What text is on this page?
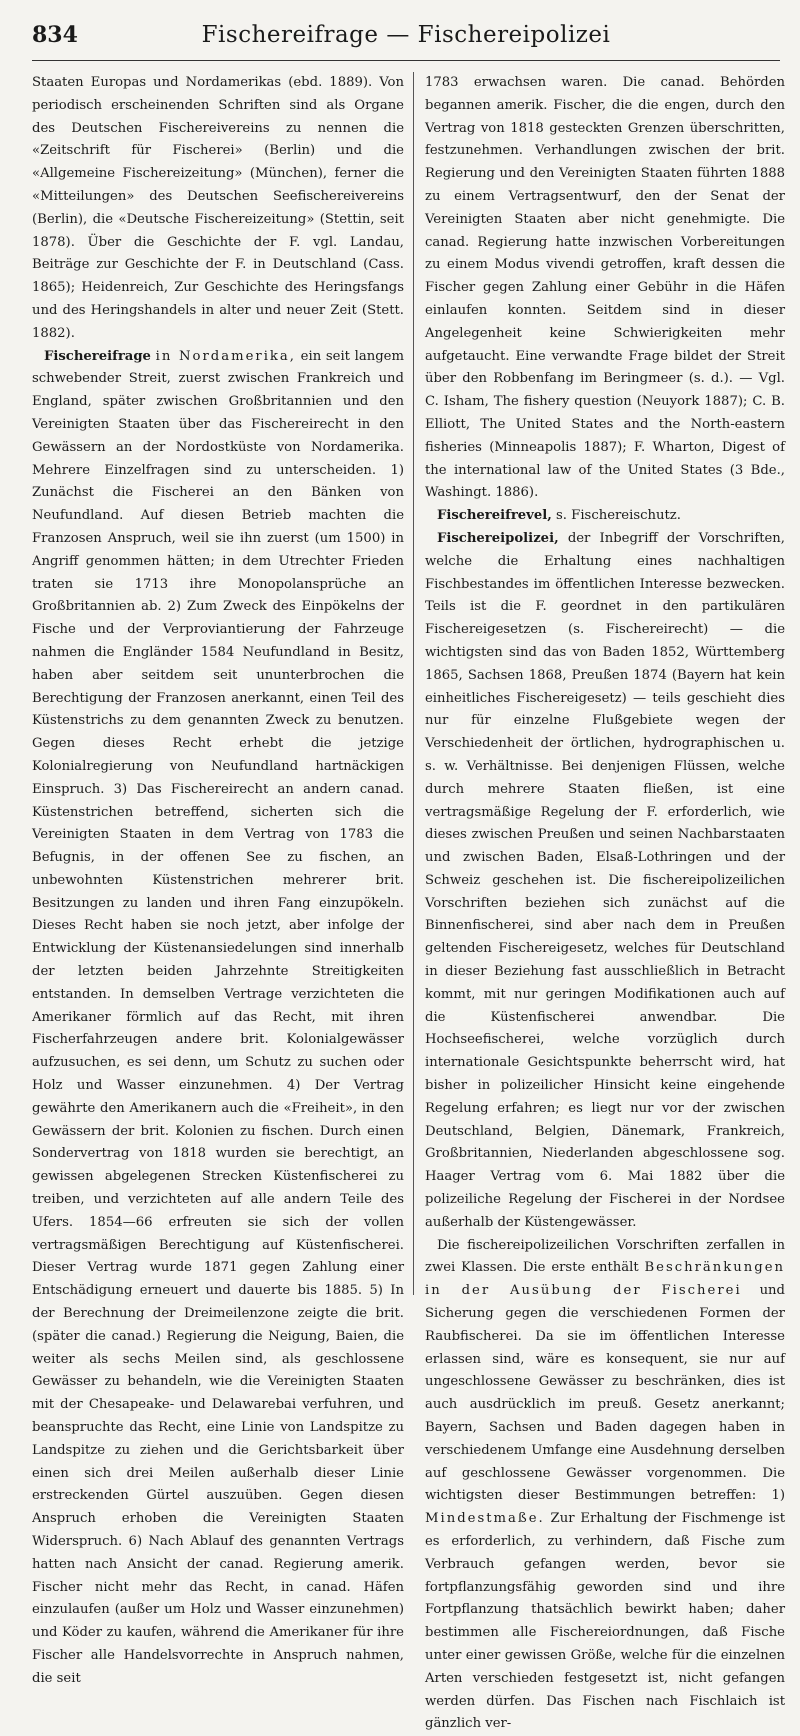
834	Fischereifrage — Fischereipolizei

Staaten Europas und Nordamerikas (ebd. 1889). Von periodisch erscheinenden Schriften sind als Organe des Deutschen Fischereivereins zu nennen die «Zeitschrift für Fischerei» (Berlin) und die «Allgemeine Fischereizeitung» (München), ferner die «Mitteilungen» des Deutschen Seefischereivereins (Berlin), die «Deutsche Fischereizeitung» (Stettin, seit 1878). Über die Geschichte der F. vgl. Landau, Beiträge zur Geschichte der F. in Deutschland (Cass. 1865); Heidenreich, Zur Geschichte des Heringsfangs und des Heringshandels in alter und neuer Zeit (Stett. 1882).

Fischereifrage in Nordamerika, ein seit langem schwebender Streit, zuerst zwischen Frankreich und England, später zwischen Großbritannien und den Vereinigten Staaten über das Fischereirecht in den Gewässern an der Nordostküste von Nordamerika. Mehrere Einzelfragen sind zu unterscheiden. 1) Zunächst die Fischerei an den Bänken von Neufundland. Auf diesen Betrieb machten die Franzosen Anspruch, weil sie ihn zuerst (um 1500) in Angriff genommen hätten; in dem Utrechter Frieden traten sie 1713 ihre Monopolansprüche an Großbritannien ab. 2) Zum Zweck des Einpökelns der Fische und der Verproviantierung der Fahrzeuge nahmen die Engländer 1584 Neufundland in Besitz, haben aber seitdem seit ununterbrochen die Berechtigung der Franzosen anerkannt, einen Teil des Küstenstrichs zu dem genannten Zweck zu benutzen. Gegen dieses Recht erhebt die jetzige Kolonialregierung von Neufundland hartnäckigen Einspruch. 3) Das Fischereirecht an andern canad. Küstenstrichen betreffend, sicherten sich die Vereinigten Staaten in dem Vertrag von 1783 die Befugnis, in der offenen See zu fischen, an unbewohnten Küstenstrichen mehrerer brit. Besitzungen zu landen und ihren Fang einzupökeln. Dieses Recht haben sie noch jetzt, aber infolge der Entwicklung der Küstenansiedelungen sind innerhalb der letzten beiden Jahrzehnte Streitigkeiten entstanden. In demselben Vertrage verzichteten die Amerikaner förmlich auf das Recht, mit ihren Fischerfahrzeugen andere brit. Kolonialgewässer aufzusuchen, es sei denn, um Schutz zu suchen oder Holz und Wasser einzunehmen. 4) Der Vertrag gewährte den Amerikanern auch die «Freiheit», in den Gewässern der brit. Kolonien zu fischen. Durch einen Sondervertrag von 1818 wurden sie berechtigt, an gewissen abgelegenen Strecken Küstenfischerei zu treiben, und verzichteten auf alle andern Teile des Ufers. 1854—66 erfreuten sie sich der vollen vertragsmäßigen Berechtigung auf Küstenfischerei. Dieser Vertrag wurde 1871 gegen Zahlung einer Entschädigung erneuert und dauerte bis 1885. 5) In der Berechnung der Dreimeilenzone zeigte die brit. (später die canad.) Regierung die Neigung, Baien, die weiter als sechs Meilen sind, als geschlossene Gewässer zu behandeln, wie die Vereinigten Staaten mit der Chesapeake- und Delawarebai verfuhren, und beanspruchte das Recht, eine Linie von Landspitze zu Landspitze zu ziehen und die Gerichtsbarkeit über einen sich drei Meilen außerhalb dieser Linie erstreckenden Gürtel auszuüben. Gegen diesen Anspruch erhoben die Vereinigten Staaten Widerspruch. 6) Nach Ablauf des genannten Vertrags hatten nach Ansicht der canad. Regierung amerik. Fischer nicht mehr das Recht, in canad. Häfen einzulaufen (außer um Holz und Wasser einzunehmen) und Köder zu kaufen, während die Amerikaner für ihre Fischer alle Handelsvorrechte in Anspruch nahmen, die seit

1783 erwachsen waren. Die canad. Behörden begannen amerik. Fischer, die die engen, durch den Vertrag von 1818 gesteckten Grenzen überschritten, festzunehmen. Verhandlungen zwischen der brit. Regierung und den Vereinigten Staaten führten 1888 zu einem Vertragsentwurf, den der Senat der Vereinigten Staaten aber nicht genehmigte. Die canad. Regierung hatte inzwischen Vorbereitungen zu einem Modus vivendi getroffen, kraft dessen die Fischer gegen Zahlung einer Gebühr in die Häfen einlaufen konnten. Seitdem sind in dieser Angelegenheit keine Schwierigkeiten mehr aufgetaucht. Eine verwandte Frage bildet der Streit über den Robbenfang im Beringmeer (s. d.). — Vgl. C. Isham, The fishery question (Neuyork 1887); C. B. Elliott, The United States and the North-eastern fisheries (Minneapolis 1887); F. Wharton, Digest of the international law of the United States (3 Bde., Washingt. 1886).

Fischereifrevel, s. Fischereischutz.

Fischereipolizei, der Inbegriff der Vorschriften, welche die Erhaltung eines nachhaltigen Fischbestandes im öffentlichen Interesse bezwecken. Teils ist die F. geordnet in den partikulären Fischereigesetzen (s. Fischereirecht) — die wichtigsten sind das von Baden 1852, Württemberg 1865, Sachsen 1868, Preußen 1874 (Bayern hat kein einheitliches Fischereigesetz) — teils geschieht dies nur für einzelne Flußgebiete wegen der Verschiedenheit der örtlichen, hydrographischen u. s. w. Verhältnisse. Bei denjenigen Flüssen, welche durch mehrere Staaten fließen, ist eine vertragsmäßige Regelung der F. erforderlich, wie dieses zwischen Preußen und seinen Nachbarstaaten und zwischen Baden, Elsaß-Lothringen und der Schweiz geschehen ist. Die fischereipolizeilichen Vorschriften beziehen sich zunächst auf die Binnenfischerei, sind aber nach dem in Preußen geltenden Fischereigesetz, welches für Deutschland in dieser Beziehung fast ausschließlich in Betracht kommt, mit nur geringen Modifikationen auch auf die Küstenfischerei anwendbar. Die Hochseefischerei, welche vorzüglich durch internationale Gesichtspunkte beherrscht wird, hat bisher in polizeilicher Hinsicht keine eingehende Regelung erfahren; es liegt nur vor der zwischen Deutschland, Belgien, Dänemark, Frankreich, Großbritannien, Niederlanden abgeschlossene sog. Haager Vertrag vom 6. Mai 1882 über die polizeiliche Regelung der Fischerei in der Nordsee außerhalb der Küstengewässer.

Die fischereipolizeilichen Vorschriften zerfallen in zwei Klassen. Die erste enthält Beschränkungen in der Ausübung der Fischerei und Sicherung gegen die verschiedenen Formen der Raubfischerei. Da sie im öffentlichen Interesse erlassen sind, wäre es konsequent, sie nur auf ungeschlossene Gewässer zu beschränken, dies ist auch ausdrücklich im preuß. Gesetz anerkannt; Bayern, Sachsen und Baden dagegen haben in verschiedenem Umfange eine Ausdehnung derselben auf geschlossene Gewässer vorgenommen. Die wichtigsten dieser Bestimmungen betreffen: 1) Mindestmaße. Zur Erhaltung der Fischmenge ist es erforderlich, zu verhindern, daß Fische zum Verbrauch gefangen werden, bevor sie fortpflanzungsfähig geworden sind und ihre Fortpflanzung thatsächlich bewirkt haben; daher bestimmen alle Fischereiordnungen, daß Fische unter einer gewissen Größe, welche für die einzelnen Arten verschieden festgesetzt ist, nicht gefangen werden dürfen. Das Fischen nach Fischlaich ist gänzlich ver-
